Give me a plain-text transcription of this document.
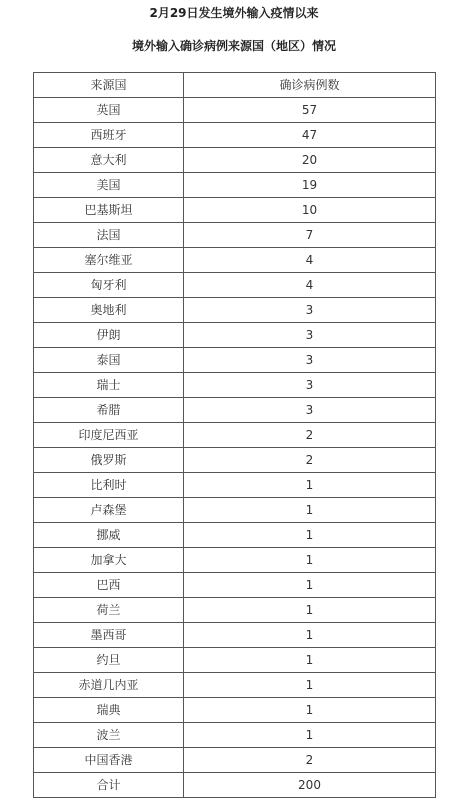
2月29日发生境外输入疫情以来
境外输入确诊病例来源国（地区）情况
来源国	确诊病例数
英国	57
西班牙	47
意大利	20
美国	19
巴基斯坦	10
法国	7
塞尔维亚	4
匈牙利	4
奥地利	3
伊朗	3
泰国	3
瑞士	3
希腊	3
印度尼西亚	2
俄罗斯	2
比利时	1
卢森堡	1
挪威	1
加拿大	1
巴西	1
荷兰	1
墨西哥	1
约旦	1
赤道几内亚	1
瑞典	1
波兰	1
中国香港	2
合计	200
